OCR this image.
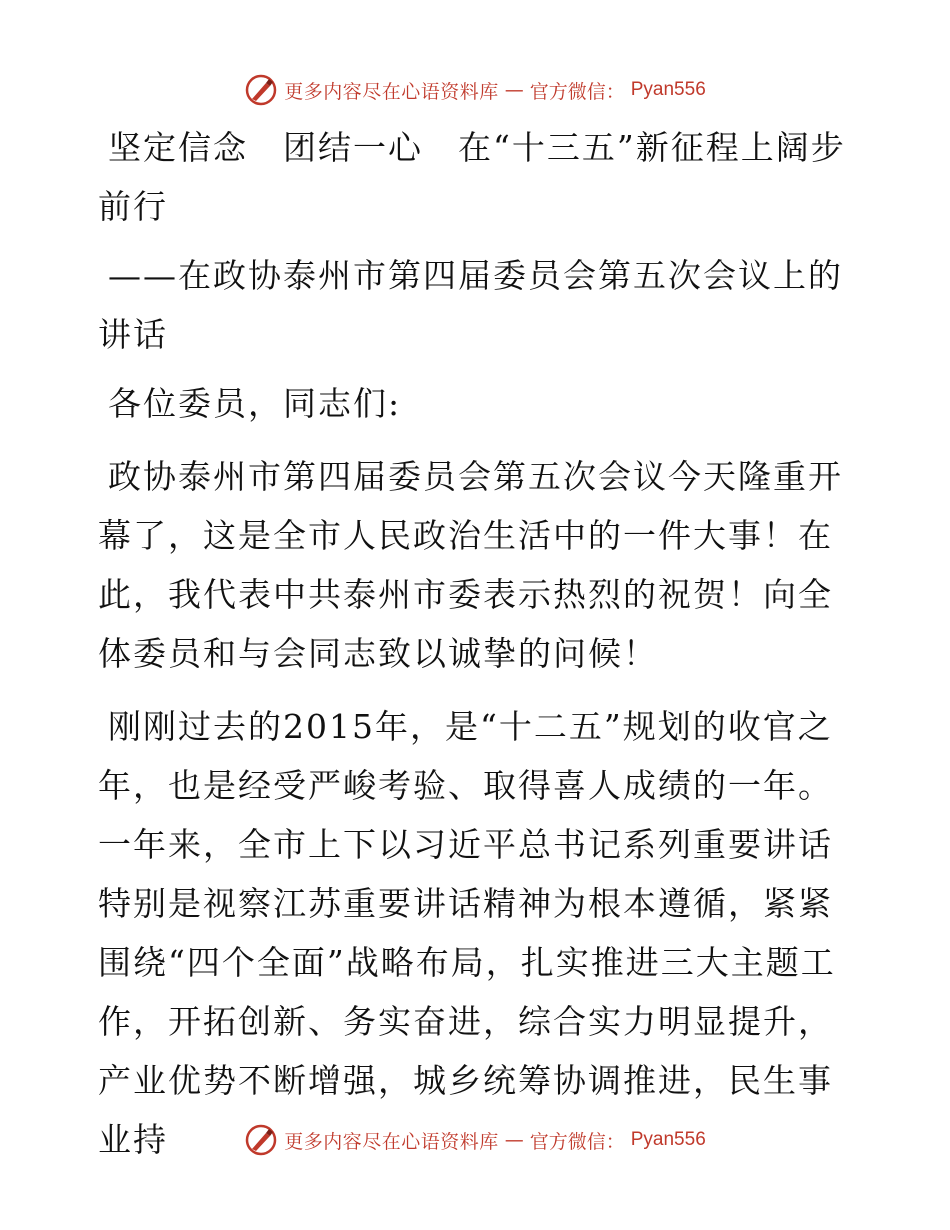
更多内容尽在心语资料库 — 官方微信： Pyan556

坚定信念　团结一心　在“十三五”新征程上阔步前行

——在政协泰州市第四届委员会第五次会议上的讲话

各位委员，同志们:

政协泰州市第四届委员会第五次会议今天隆重开幕了，这是全市人民政治生活中的一件大事！在此，我代表中共泰州市委表示热烈的祝贺！向全体委员和与会同志致以诚挚的问候！

刚刚过去的2015年，是“十二五”规划的收官之年，也是经受严峻考验、取得喜人成绩的一年。一年来，全市上下以习近平总书记系列重要讲话特别是视察江苏重要讲话精神为根本遵循，紧紧围绕“四个全面”战略布局，扎实推进三大主题工作，开拓创新、务实奋进，综合实力明显提升，产业优势不断增强，城乡统筹协调推进，民生事业持	更多内容尽在心语资料库 — 官方微信： Pyan556
